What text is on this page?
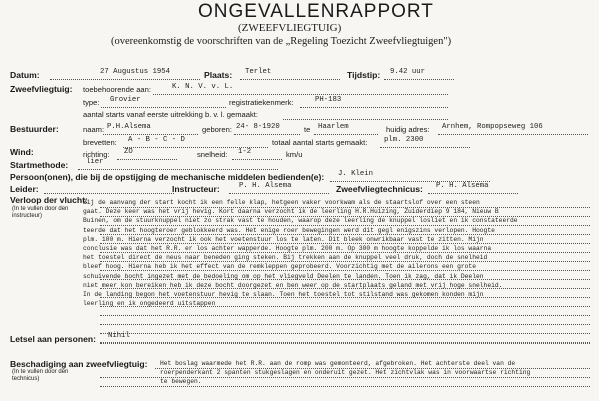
ONGEVALLENRAPPORT
(ZWEEFVLIEGTUIG)
(overeenkomstig de voorschriften van de „Regeling Toezicht Zweefvliegtuigen")
Datum:	27 Augustus 1954	Plaats: Terlet	Tijdstip: 9.42 uur
Zweefvliegtuig: toebehoorende aan:	K. N. V. v. L.
type: Grovier	registratiekenmerk:	PH-183
aantal starts vanaf eerste uitrekking b. v. l. gemaakt:
Bestuurder:	naam: P.H.Alsema	geboren: 24- 8-1920	te Haarlem	huidig adres: Arnhem, Rompopseweg 106
brevetten: A - B - C - D	totaal aantal starts gemaakt: plm. 2300
Wind:	richting: ZO	snelheid: 1-2	km/u
Startmethode: lier
Persoon(onen), die bij de opstijging de mechanische middelen bedienden(e): J. Klein
Leider:	Instructeur:	P. H. Alsema	Zweefvliegtechnicus: P. H. Alsema
Verloop der vlucht:
(In te vullen door den instructeur)
Bij de aanvang der start kocht ik een felle klap, hetgeen vaker voorkwam als de staartslof over een steen
gaat. Deze keer was het vrij hevig. Kort daarna verzocht ik de leerling H.R.Huizing, Zuiderdiep 9 184, Nieuw B
Buinen, om de stuurknuppel niet zo strak vast te houden, waarop deze leerling de knuppel losliet en ik constateerde
teerde dat het hoogteroer geblokkeerd was. Het enige roer bewegingen werd dit gegl enigszins verlopen. Hoogte
plm. 100 m. Hierna verzocht ik ook het voetenstuur los te laten. Dit bleek onwrikbaar vast te zitten. Mijn
conclusie was dat het R.R. er los achter wapperde. Hoogte plm. 200 m. Op 300 m hoogte koppelde ik los waarna
het toestel direct de neus naar beneden ging steken. Bij trekken aan de knuppel veel druk, doch de snelheid
bleef hoog. Hierna heb ik het effect van de remkleppen geprobeerd. Voorzichtig met de ailerons een grote
schuivende bocht ingezet met de bedoeling om op het vliegveld Deelen te landen. Toen ik zag, dat ik Deelen
niet meer kon bereiken heb ik deze bocht doorgezet en ben weer op de startplaats geland met vrij hoge snelheid.
In de landing begon het voetenstuur hevig te slaan. Toen het toestel tot stilstand was gekomen konden mijn
leerling en ik ongedeerd uitstappen
Letsel aan personen: Nihil
Beschadiging aan zweefvliegtuig:
(In te vullen door den technicus)
Het boslag waarmede het R.R. aan de romp was gemonteerd, afgebroken. Het achterste deel van de
roerpenderkant 2 spanten stukgeslagen en onderuit gezet. Het zichtvlak was in voorwaartse richting
te bewegen.
